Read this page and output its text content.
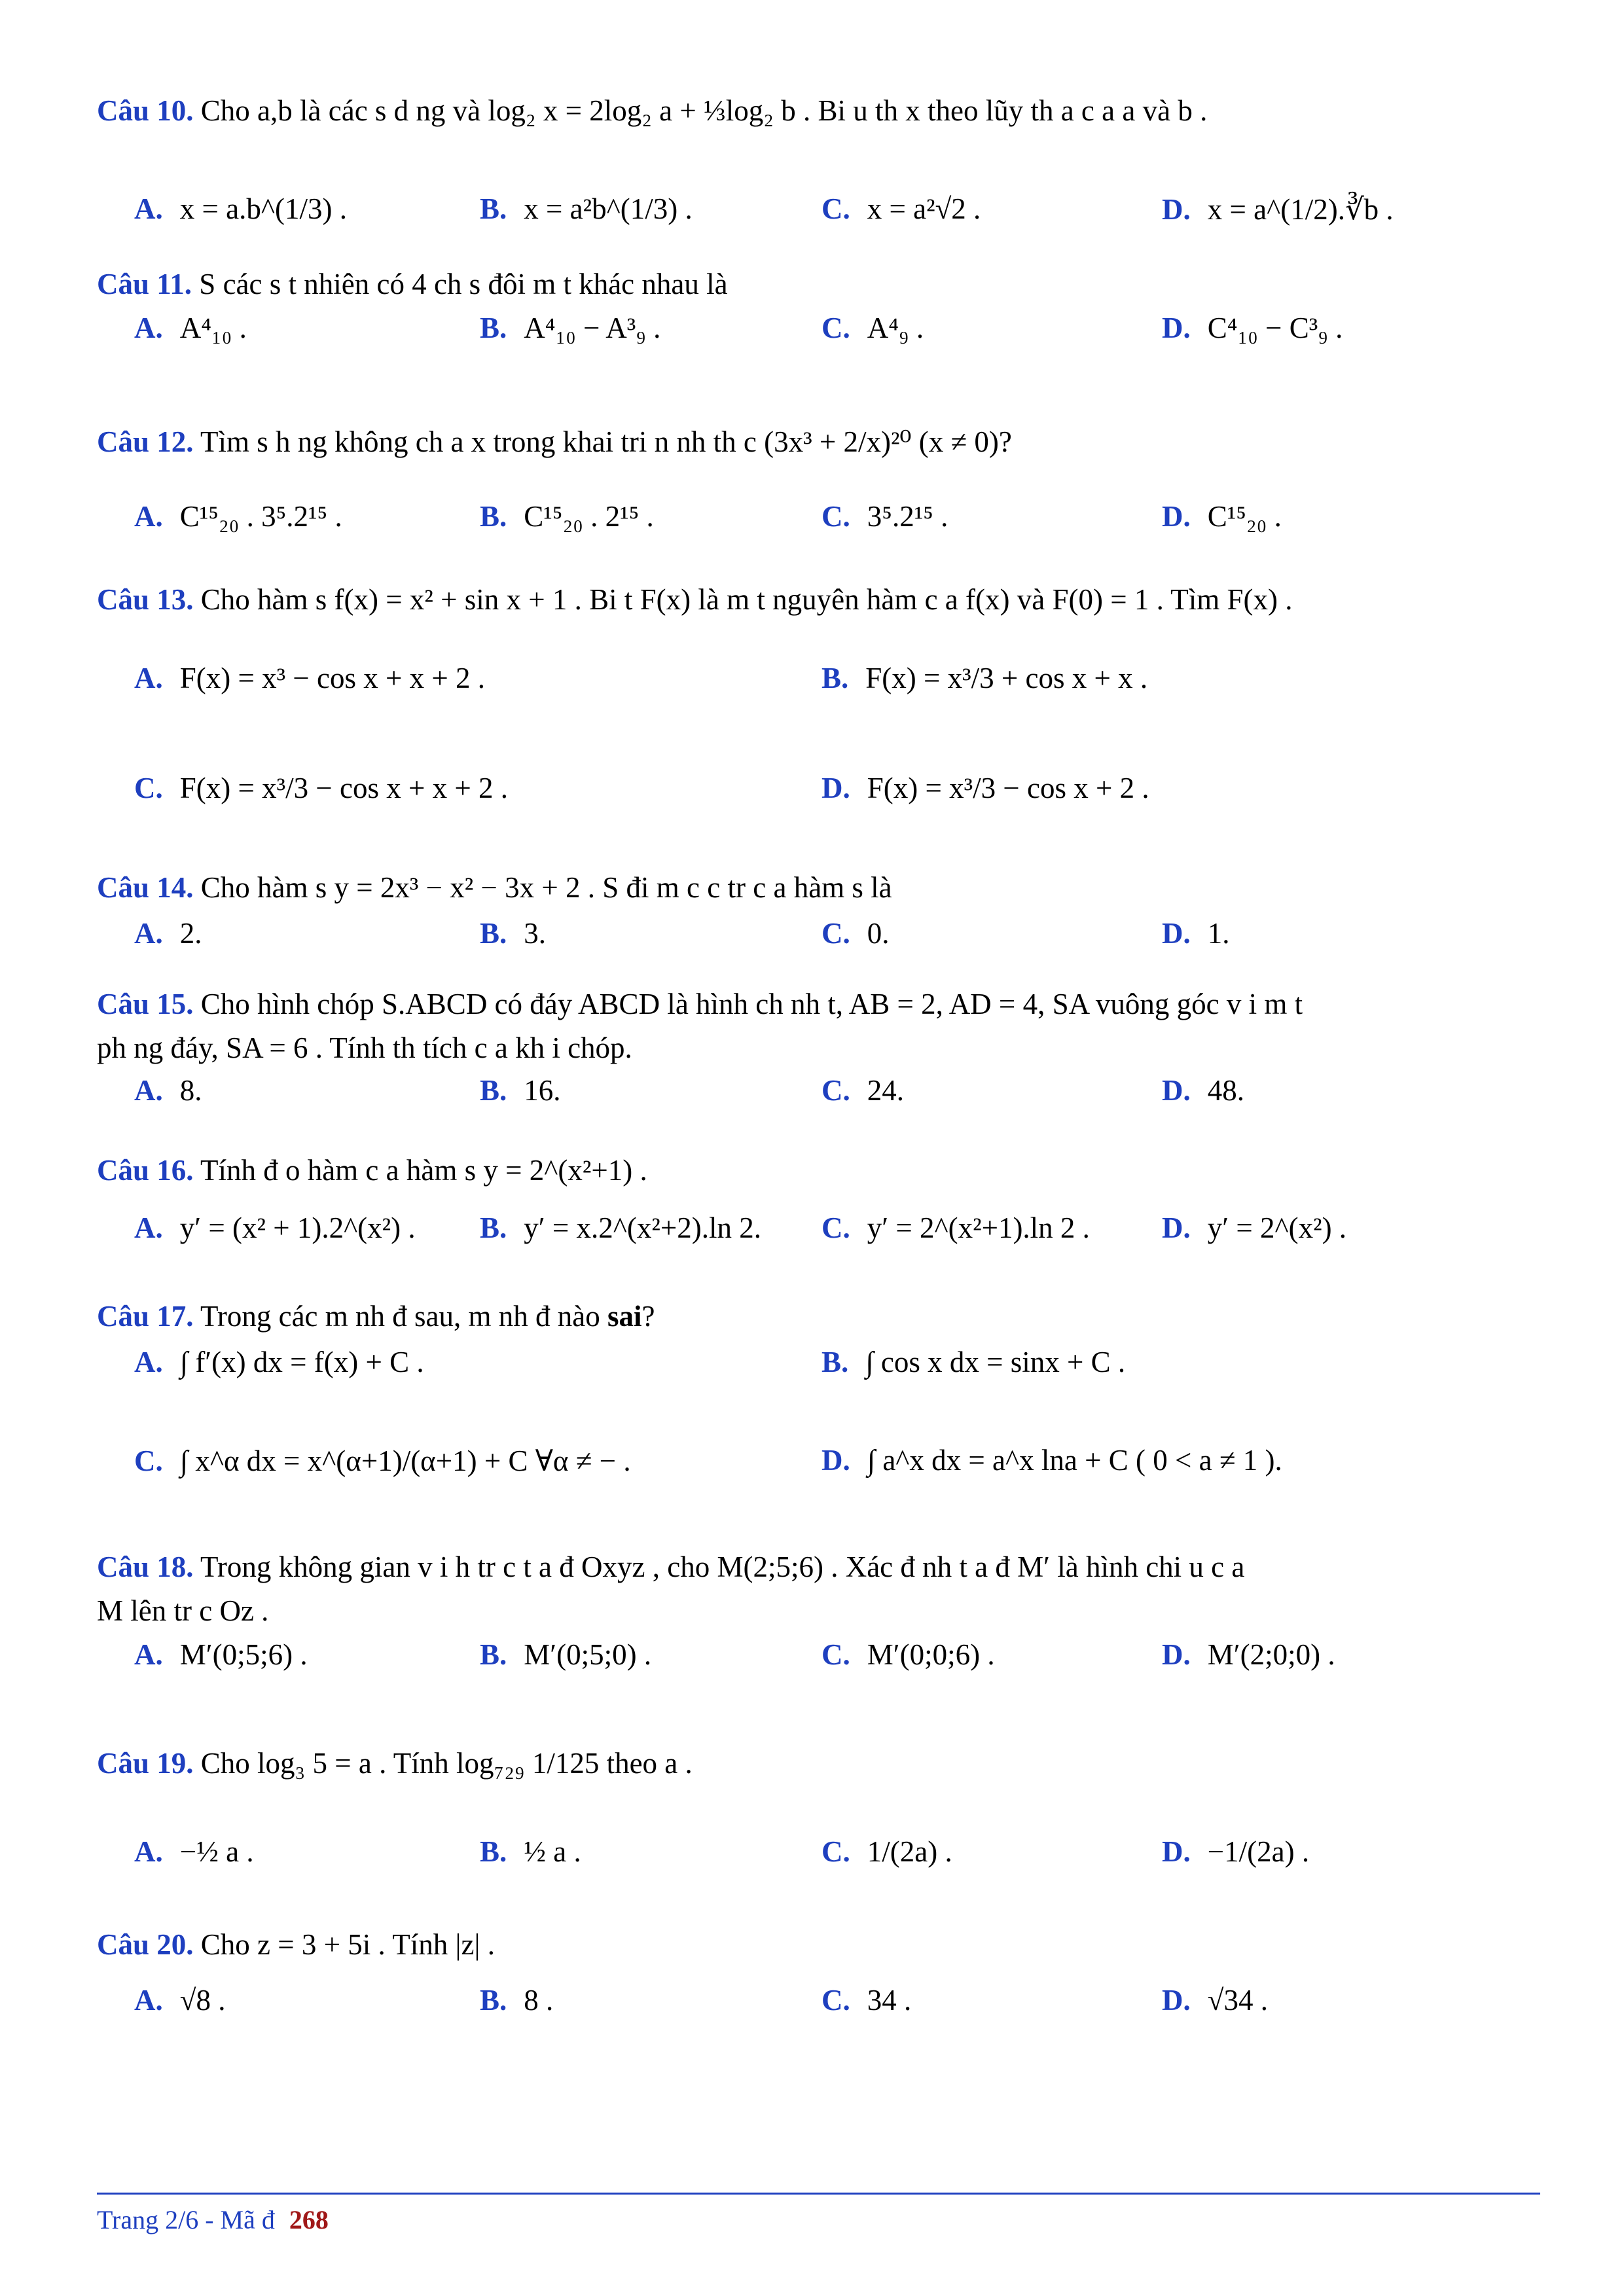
Câu 10. Cho a,b là các s d ng và log₂ x = 2log₂ a + ⅓log₂ b . Bi u th x theo lũy th a c a a và b .
A. x = a.b^(1/3) .	B. x = a²b^(1/3) .	C. x = a²√2 .	D. x = a^(1/2).∛b .
Câu 11. S các s t nhiên có 4 ch s đôi m t khác nhau là
A. A⁴₁₀ .	B. A⁴₁₀ − A³₉ .	C. A⁴₉ .	D. C⁴₁₀ − C³₉ .
Câu 12. Tìm s h ng không ch a x trong khai tri n nh th c (3x³ + 2/x)²⁰ (x ≠ 0)?
A. C¹⁵₂₀ . 3⁵.2¹⁵ .	B. C¹⁵₂₀ . 2¹⁵ .	C. 3⁵.2¹⁵ .	D. C¹⁵₂₀ .
Câu 13. Cho hàm s f(x) = x² + sin x + 1 . Bi t F(x) là m t nguyên hàm c a f(x) và F(0) = 1 . Tìm F(x) .
A. F(x) = x³ − cos x + x + 2 .	B. F(x) = x³/3 + cos x + x .
C. F(x) = x³/3 − cos x + x + 2 .	D. F(x) = x³/3 − cos x + 2 .
Câu 14. Cho hàm s y = 2x³ − x² − 3x + 2 . S đi m c c tr c a hàm s là
A. 2.	B. 3.	C. 0.	D. 1.
Câu 15. Cho hình chóp S.ABCD có đáy ABCD là hình ch nh t, AB = 2, AD = 4, SA vuông góc v i m t
ph ng đáy, SA = 6 . Tính th tích c a kh i chóp.
A. 8.	B. 16.	C. 24.	D. 48.
Câu 16. Tính đ o hàm c a hàm s y = 2^(x²+1) .
A. y′ = (x² + 1).2^(x²) . B. y′ = x.2^(x²+2).ln 2. C. y′ = 2^(x²+1).ln 2 . D. y′ = 2^(x²) .
Câu 17. Trong các m nh đ sau, m nh đ nào sai?
A. ∫ f′(x) dx = f(x) + C .	B. ∫ cos x dx = sinx + C .
C. ∫ x^α dx = x^(α+1)/(α+1) + C ∀α ≠ − .	D. ∫ a^x dx = a^x lna + C ( 0 < a ≠ 1 ).
Câu 18. Trong không gian v i h tr c t a đ Oxyz , cho M(2;5;6) . Xác đ nh t a đ M′ là hình chi u c a
M lên tr c Oz .
A. M′(0;5;6) .	B. M′(0;5;0) .	C. M′(0;0;6) .	D. M′(2;0;0) .
Câu 19. Cho log₃ 5 = a . Tính log₇₂₉ 1/125 theo a .
A. −½ a .	B. ½ a .	C. 1/(2a) .	D. −1/(2a) .
Câu 20. Cho z = 3 + 5i . Tính |z| .
A. √8 .	B. 8 .	C. 34 .	D. √34 .
Trang 2/6 - Mã đ 268
